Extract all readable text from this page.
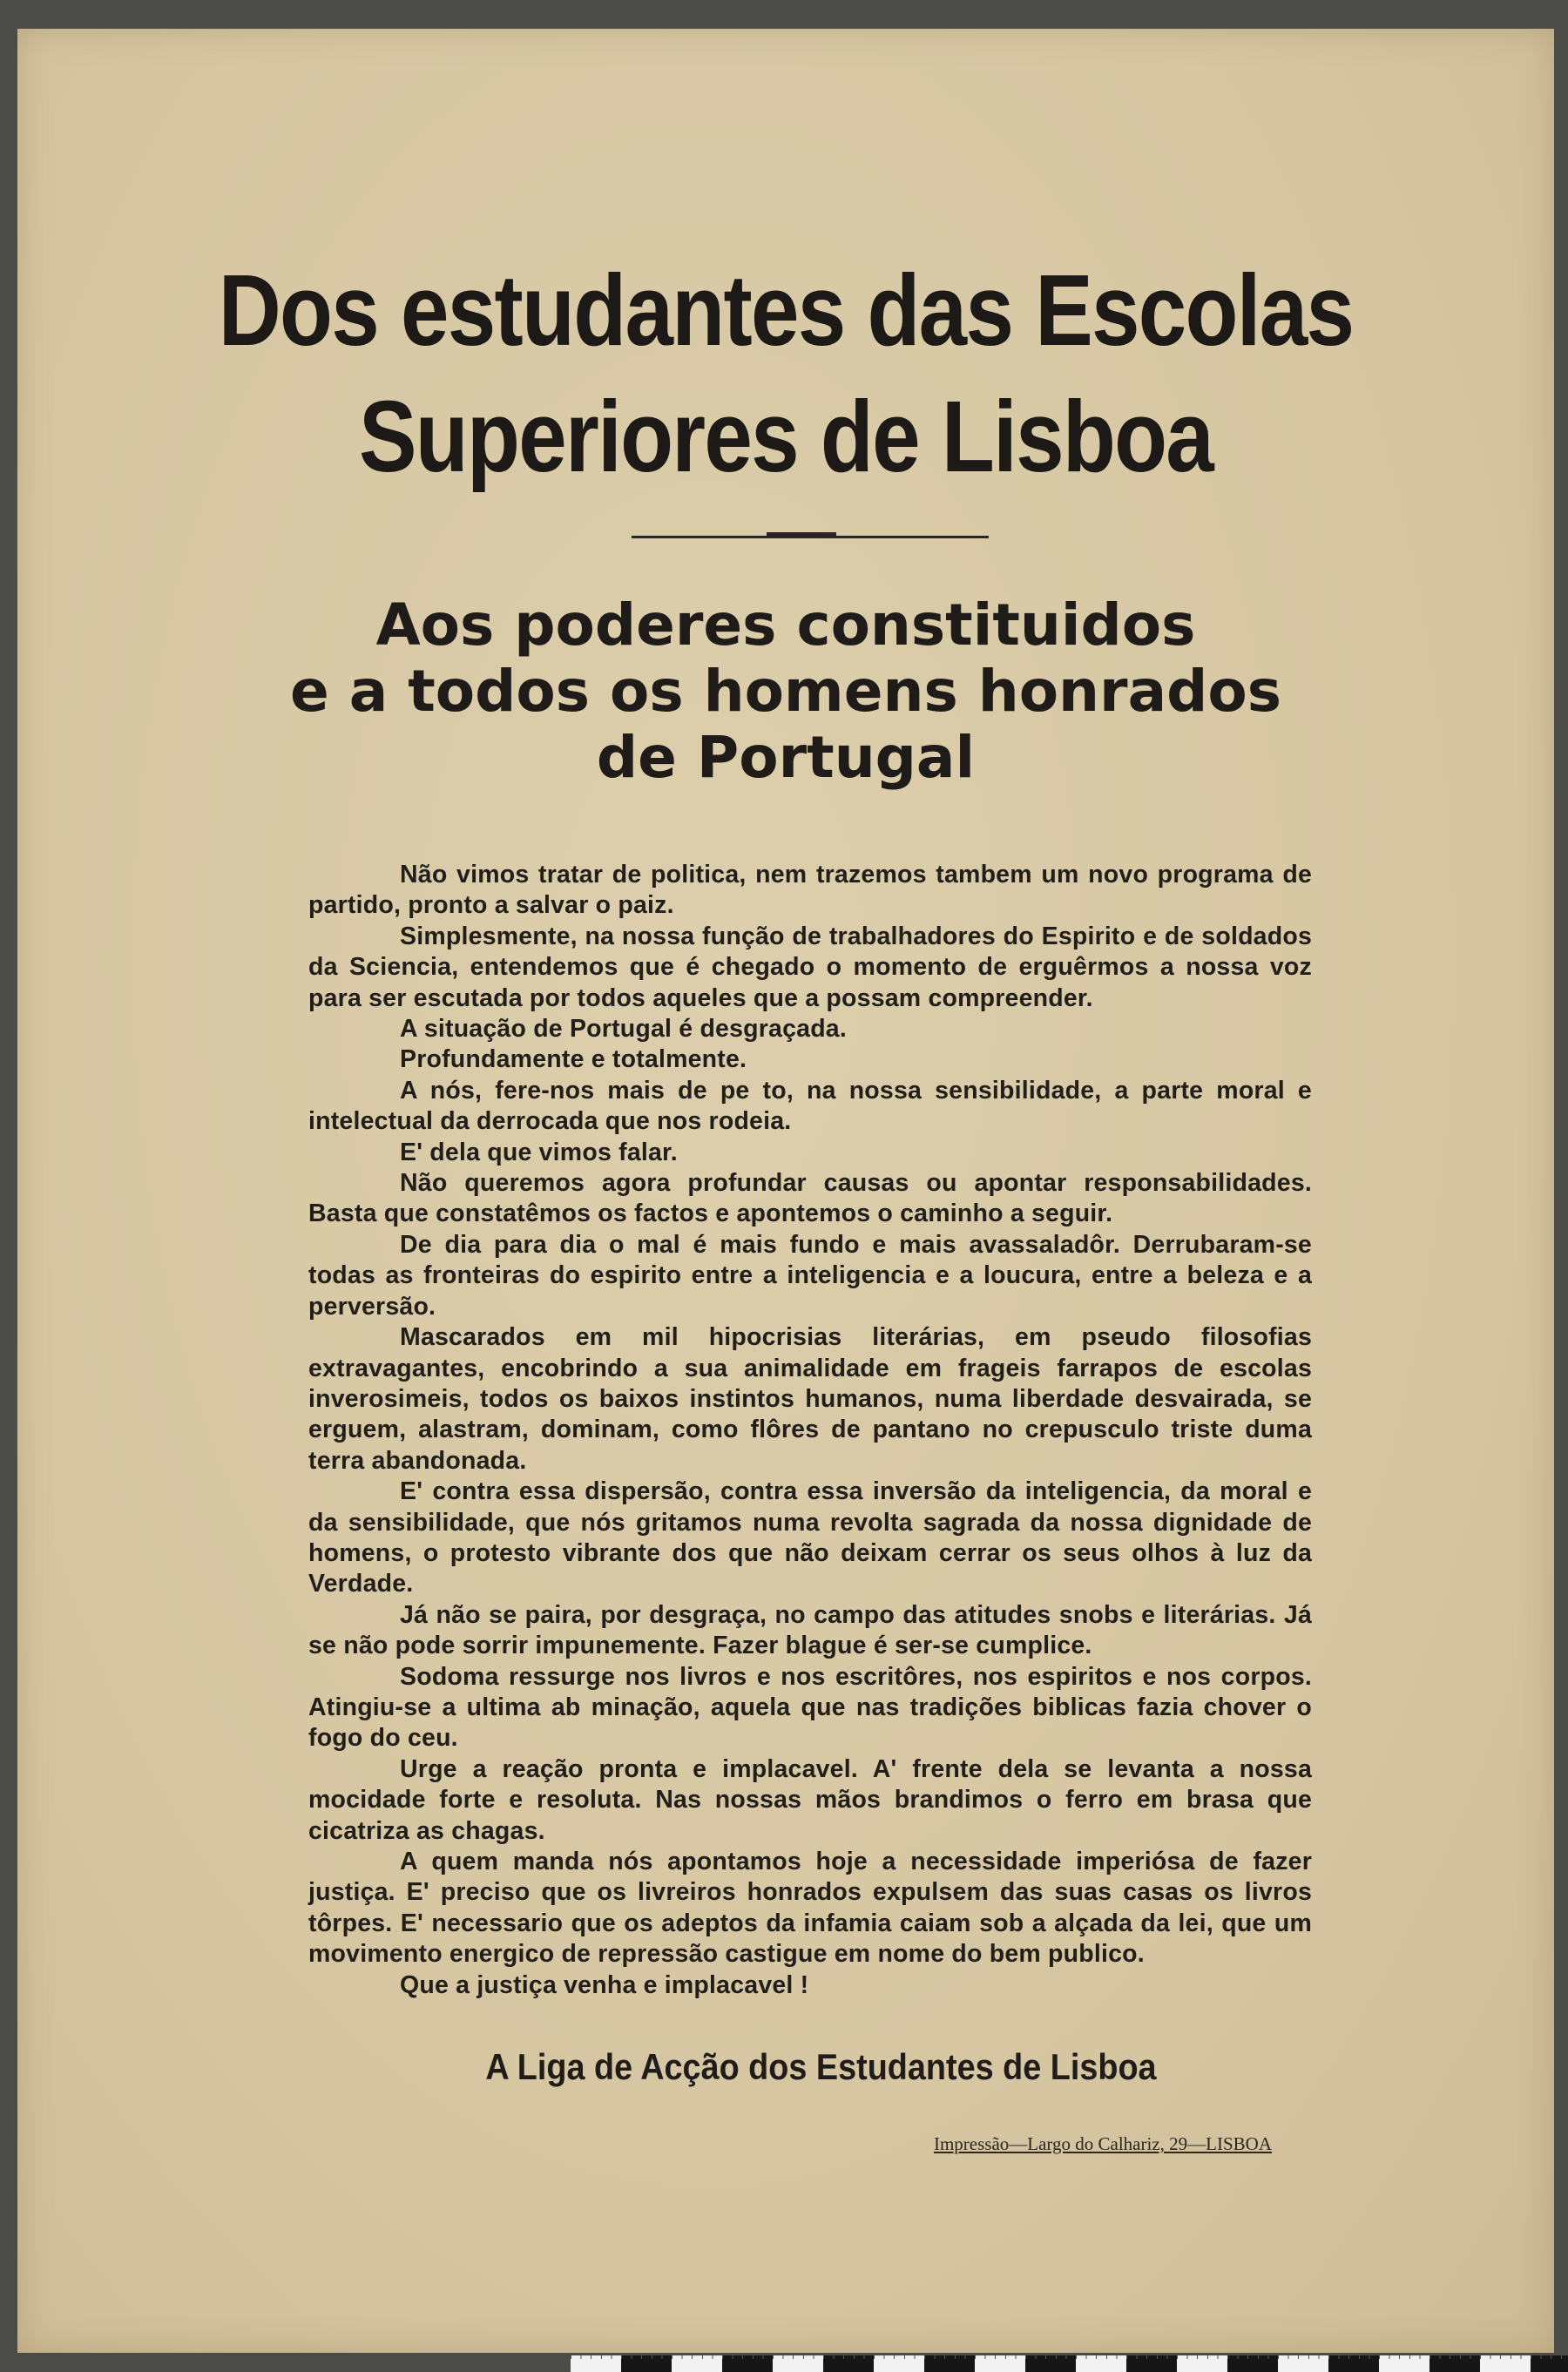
Dos estudantes das Escolas
Superiores de Lisboa
Aos poderes constituidos
e a todos os homens honrados
de Portugal

Não vimos tratar de politica, nem trazemos tambem um novo programa de partido, pronto a salvar o paiz.

Simplesmente, na nossa função de trabalhadores do Espirito e de soldados da Sciencia, entendemos que é chegado o momento de erguêrmos a nossa voz para ser escutada por todos aqueles que a possam compreender.

A situação de Portugal é desgraçada.

Profundamente e totalmente.

A nós, fere-nos mais de pe to, na nossa sensibilidade, a parte moral e intelectual da derrocada que nos rodeia.

E' dela que vimos falar.

Não queremos agora profundar causas ou apontar responsabilidades. Basta que constatêmos os factos e apontemos o caminho a seguir.

De dia para dia o mal é mais fundo e mais avassaladôr. Derrubaram-se todas as fronteiras do espirito entre a inteligencia e a loucura, entre a beleza e a perversão.

Mascarados em mil hipocrisias literárias, em pseudo filosofias extravagantes, encobrindo a sua animalidade em frageis farrapos de escolas inverosimeis, todos os baixos instintos humanos, numa liberdade desvairada, se erguem, alastram, dominam, como flôres de pantano no crepusculo triste duma terra abandonada.

E' contra essa dispersão, contra essa inversão da inteligencia, da moral e da sensibilidade, que nós gritamos numa revolta sagrada da nossa dignidade de homens, o protesto vibrante dos que não deixam cerrar os seus olhos à luz da Verdade.

Já não se paira, por desgraça, no campo das atitudes snobs e literárias. Já se não pode sorrir impunemente. Fazer blague é ser-se cumplice.

Sodoma ressurge nos livros e nos escritôres, nos espiritos e nos corpos. Atingiu-se a ultima ab minação, aquela que nas tradições biblicas fazia chover o fogo do ceu.

Urge a reação pronta e implacavel. A' frente dela se levanta a nossa mocidade forte e resoluta. Nas nossas mãos brandimos o ferro em brasa que cicatriza as chagas.

A quem manda nós apontamos hoje a necessidade imperiósa de fazer justiça. E' preciso que os livreiros honrados expulsem das suas casas os livros tôrpes. E' necessario que os adeptos da infamia caiam sob a alçada da lei, que um movimento energico de repressão castigue em nome do bem publico.

Que a justiça venha e implacavel !

A Liga de Acção dos Estudantes de Lisboa
Impressão—Largo do Calhariz, 29—LISBOA
